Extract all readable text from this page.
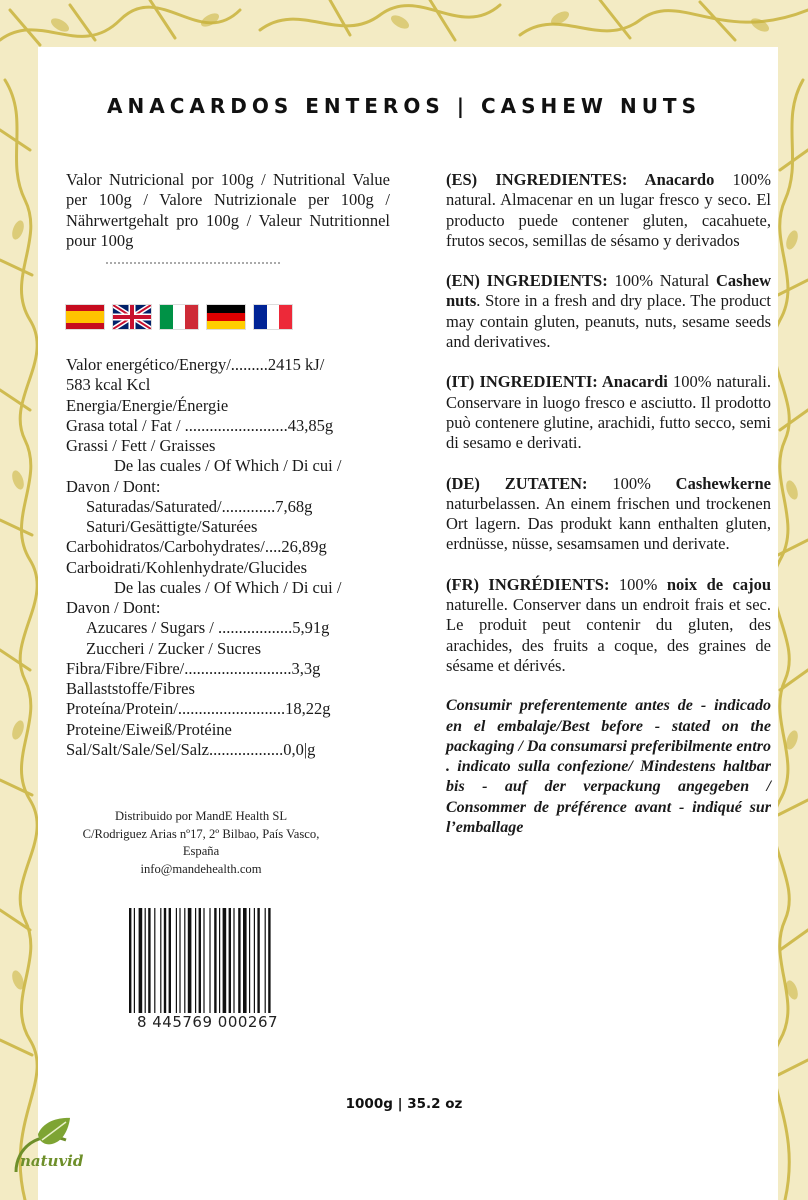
ANACARDOS ENTEROS | CASHEW NUTS

Valor Nutricional por 100g / Nutritional Value per 100g / Valore Nutrizionale per 100g / Nährwertgehalt pro 100g / Valeur Nutritionnel pour 100g

Valor energético/Energy/.........2415 kJ/
583 kcal Kcl
Energia/Energie/Énergie
Grasa total / Fat / .........................43,85g
Grassi / Fett / Graisses
De las cuales / Of Which / Di cui /
Davon / Dont:
Saturadas/Saturated/.............7,68g
Saturi/Gesättigte/Saturées
Carbohidratos/Carbohydrates/....26,89g
Carboidrati/Kohlenhydrate/Glucides
De las cuales / Of Which / Di cui /
Davon / Dont:
Azucares / Sugars / ..................5,91g
Zuccheri / Zucker / Sucres
Fibra/Fibre/Fibre/..........................3,3g
Ballaststoffe/Fibres
Proteína/Protein/..........................18,22g
Proteine/Eiweiß/Protéine
Sal/Salt/Sale/Sel/Salz..................0,0|g
Distribuido por MandE Health SL
C/Rodriguez Arias nº17, 2º Bilbao, País Vasco, España
info@mandehealth.com
8 445769 000267

(ES) INGREDIENTES: Anacardo 100% natural. Almacenar en un lugar fresco y seco. El producto puede contener gluten, cacahuete, frutos secos, semillas de sésamo y derivados

(EN) INGREDIENTS: 100% Natural Cashew nuts. Store in a fresh and dry place. The product may contain gluten, peanuts, nuts, sesame seeds and derivatives.

(IT) INGREDIENTI: Anacardi 100% naturali. Conservare in luogo fresco e asciutto. Il prodotto può contenere glutine, arachidi, futto secco, semi di sesamo e derivati.

(DE) ZUTATEN: 100% Cashewkerne naturbelassen. An einem frischen und trockenen Ort lagern. Das produkt kann enthalten gluten, erdnüsse, nüsse, sesamsamen und derivate.

(FR) INGRÉDIENTS: 100% noix de cajou naturelle. Conserver dans un endroit frais et sec. Le produit peut contenir du gluten, des arachides, des fruits a coque, des graines de sésame et dérivés.

Consumir preferentemente antes de - indicado en el embalaje/Best before - stated on the packaging / Da consumarsi preferibilmente entro . indicato sulla confezione/ Mindestens haltbar bis - auf der verpackung angegeben / Consommer de préférence avant - indiqué sur l’emballage

1000g | 35.2 oz

natuvid
